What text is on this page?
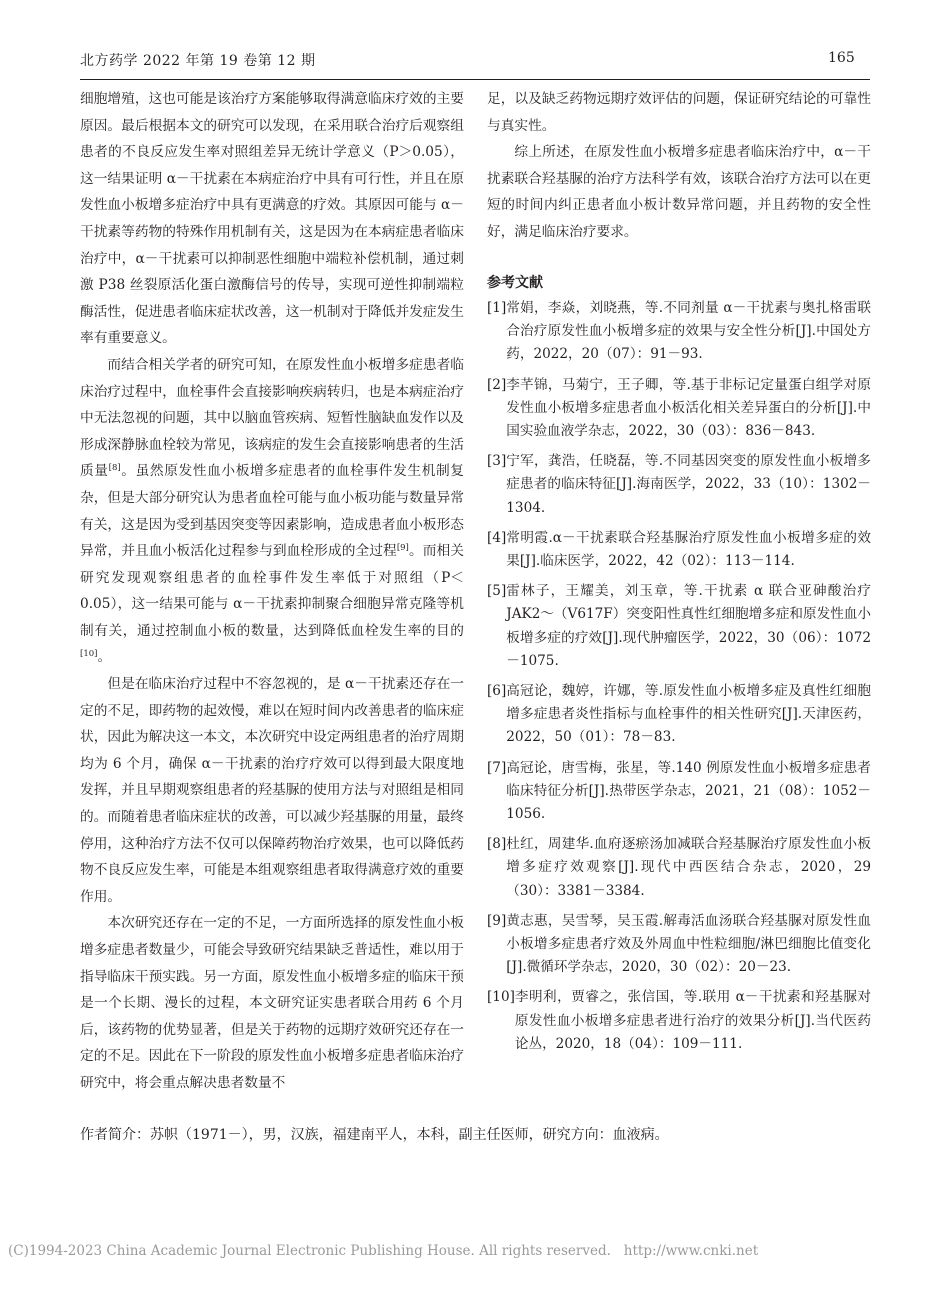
北方药学 2022 年第 19 卷第 12 期	165

细胞增殖，这也可能是该治疗方案能够取得满意临床疗效的主要原因。最后根据本文的研究可以发现，在采用联合治疗后观察组患者的不良反应发生率对照组差异无统计学意义（P＞0.05），这一结果证明 α－干扰素在本病症治疗中具有可行性，并且在原发性血小板增多症治疗中具有更满意的疗效。其原因可能与 α－干扰素等药物的特殊作用机制有关，这是因为在本病症患者临床治疗中，α－干扰素可以抑制恶性细胞中端粒补偿机制，通过刺激 P38 丝裂原活化蛋白激酶信号的传导，实现可逆性抑制端粒酶活性，促进患者临床症状改善，这一机制对于降低并发症发生率有重要意义。

而结合相关学者的研究可知，在原发性血小板增多症患者临床治疗过程中，血栓事件会直接影响疾病转归，也是本病症治疗中无法忽视的问题，其中以脑血管疾病、短暂性脑缺血发作以及形成深静脉血栓较为常见，该病症的发生会直接影响患者的生活质量[8]。虽然原发性血小板增多症患者的血栓事件发生机制复杂，但是大部分研究认为患者血栓可能与血小板功能与数量异常有关，这是因为受到基因突变等因素影响，造成患者血小板形态异常，并且血小板活化过程参与到血栓形成的全过程[9]。而相关研究发现观察组患者的血栓事件发生率低于对照组（P＜0.05），这一结果可能与 α－干扰素抑制聚合细胞异常克隆等机制有关，通过控制血小板的数量，达到降低血栓发生率的目的[10]。

但是在临床治疗过程中不容忽视的，是 α－干扰素还存在一定的不足，即药物的起效慢，难以在短时间内改善患者的临床症状，因此为解决这一本文，本次研究中设定两组患者的治疗周期均为 6 个月，确保 α－干扰素的治疗疗效可以得到最大限度地发挥，并且早期观察组患者的羟基脲的使用方法与对照组是相同的。而随着患者临床症状的改善，可以减少羟基脲的用量，最终停用，这种治疗方法不仅可以保障药物治疗效果，也可以降低药物不良反应发生率，可能是本组观察组患者取得满意疗效的重要作用。

本次研究还存在一定的不足，一方面所选择的原发性血小板增多症患者数量少，可能会导致研究结果缺乏普适性，难以用于指导临床干预实践。另一方面，原发性血小板增多症的临床干预是一个长期、漫长的过程，本文研究证实患者联合用药 6 个月后，该药物的优势显著，但是关于药物的远期疗效研究还存在一定的不足。因此在下一阶段的原发性血小板增多症患者临床治疗研究中，将会重点解决患者数量不

足，以及缺乏药物远期疗效评估的问题，保证研究结论的可靠性与真实性。

综上所述，在原发性血小板增多症患者临床治疗中，α－干扰素联合羟基脲的治疗方法科学有效，该联合治疗方法可以在更短的时间内纠正患者血小板计数异常问题，并且药物的安全性好，满足临床治疗要求。

参考文献
[1] 常娟，李焱，刘晓燕，等.不同剂量 α－干扰素与奥扎格雷联合治疗原发性血小板增多症的效果与安全性分析[J].中国处方药，2022，20（07）：91－93.
[2] 李芊锦，马菊宁，王子卿，等.基于非标记定量蛋白组学对原发性血小板增多症患者血小板活化相关差异蛋白的分析[J].中国实验血液学杂志，2022，30（03）：836－843.
[3] 宁军，龚浩，任晓磊，等.不同基因突变的原发性血小板增多症患者的临床特征[J].海南医学，2022，33（10）：1302－1304.
[4] 常明霞.α－干扰素联合羟基脲治疗原发性血小板增多症的效果[J].临床医学，2022，42（02）：113－114.
[5] 雷林子，王耀美，刘玉章，等.干扰素 α 联合亚砷酸治疗 JAK2～（V617F）突变阳性真性红细胞增多症和原发性血小板增多症的疗效[J].现代肿瘤医学，2022，30（06）：1072－1075.
[6] 高冠论，魏婷，许娜，等.原发性血小板增多症及真性红细胞增多症患者炎性指标与血栓事件的相关性研究[J].天津医药，2022，50（01）：78－83.
[7] 高冠论，唐雪梅，张星，等.140 例原发性血小板增多症患者临床特征分析[J].热带医学杂志，2021，21（08）：1052－1056.
[8] 杜红，周建华.血府逐瘀汤加减联合羟基脲治疗原发性血小板增多症疗效观察[J].现代中西医结合杂志，2020，29（30）：3381－3384.
[9] 黄志惠，吴雪琴，吴玉霞.解毒活血汤联合羟基脲对原发性血小板增多症患者疗效及外周血中性粒细胞/淋巴细胞比值变化[J].微循环学杂志，2020，30（02）：20－23.
[10] 李明利，贾睿之，张信国，等.联用 α－干扰素和羟基脲对原发性血小板增多症患者进行治疗的效果分析[J].当代医药论丛，2020，18（04）：109－111.
作者简介：苏帜（1971－），男，汉族，福建南平人，本科，副主任医师，研究方向：血液病。
(C)1994-2023 China Academic Journal Electronic Publishing House. All rights reserved. http://www.cnki.net
